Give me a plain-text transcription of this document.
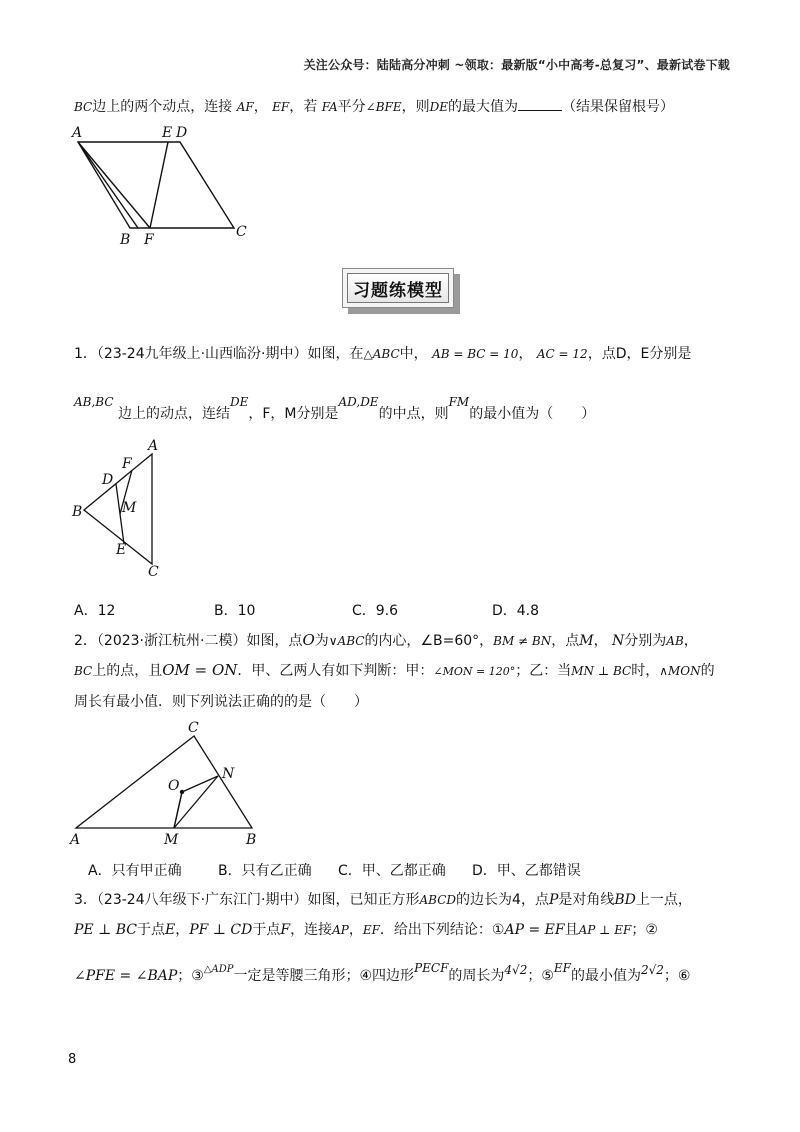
关注公众号：陆陆高分冲刺 ~领取：最新版“小中高考-总复习”、最新试卷下载
BC边上的两个动点，连接 AF， EF，若 FA平分∠BFE，则DE的最大值为	（结果保留根号）
A	E D
B F	C
习题练模型
1．（23-24九年级上·山西临汾·期中）如图，在△ABC中， AB = BC = 10， AC = 12，点D，E分别是
AB,BC 边上的动点，连结DE，F，M分别是AD,DE的中点，则FM的最小值为（　　）
A
F
D
M
B
E
C
A．12	B．10	C．9.6	D．4.8
2．（2023·浙江杭州·二模）如图，点O为∨ABC的内心，∠B=60°，BM ≠ BN，点M， N分别为AB，
BC上的点，且OM = ON．甲、乙两人有如下判断：甲：∠MON = 120°；乙：当MN ⊥ BC时，∧MON的
周长有最小值．则下列说法正确的的是（　　）
C
O
N
A	M	B
A．只有甲正确	B．只有乙正确 C．甲、乙都正确 D．甲、乙都错误
3．（23-24八年级下·广东江门·期中）如图，已知正方形ABCD的边长为4，点P是对角线BD上一点，
PE ⊥ BC于点E，PF ⊥ CD于点F，连接AP，EF．给出下列结论：①AP = EF且AP ⊥ EF；②
∠PFE = ∠BAP；③$^{\triangle ADP}$一定是等腰三角形；④四边形PECF的周长为4√2；⑤EF的最小值为2√2；⑥
8
